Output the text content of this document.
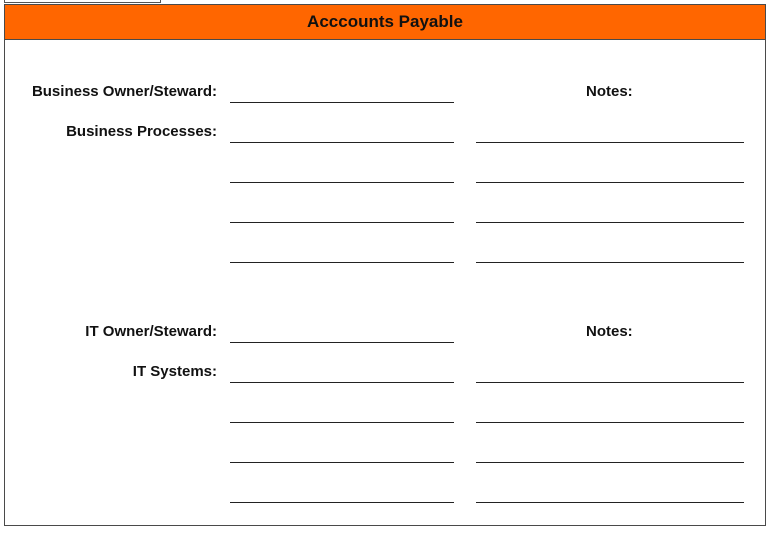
Acccounts Payable
Business Owner/Steward:	Notes:
Business Processes:
IT Owner/Steward:	Notes:
IT Systems:
